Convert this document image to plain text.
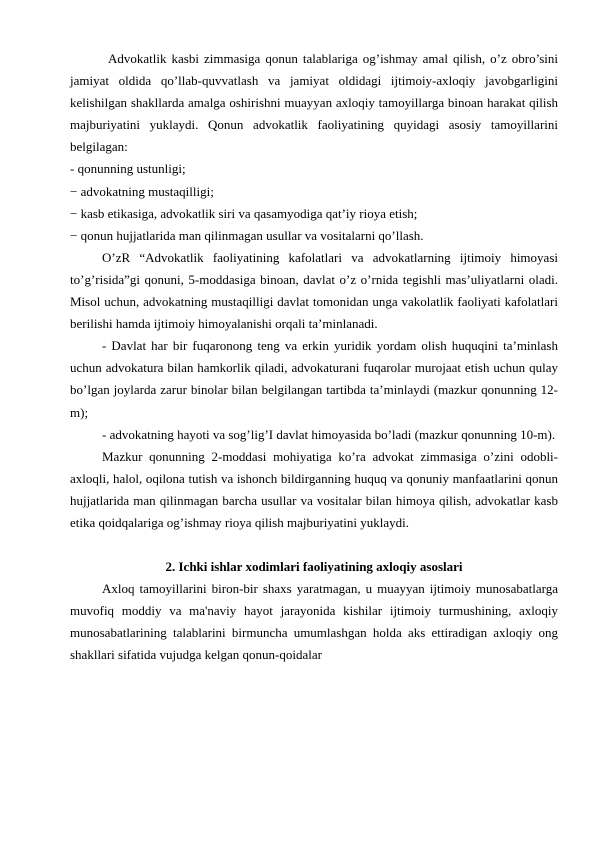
Advokatlik kasbi zimmasiga qonun talablariga og’ishmay amal qilish, o’z obro’sini jamiyat oldida qo’llab-quvvatlash va jamiyat oldidagi ijtimoiy-axloqiy javobgarligini kelishilgan shakllarda amalga oshirishni muayyan axloqiy tamoyillarga binoan harakat qilish majburiyatini yuklaydi. Qonun advokatlik faoliyatining quyidagi asosiy tamoyillarini belgilagan:

- qonunning ustunligi;

− advokatning mustaqilligi;

− kasb etikasiga, advokatlik siri va qasamyodiga qat’iy rioya etish;

− qonun hujjatlarida man qilinmagan usullar va vositalarni qo’llash.

O’zR “Advokatlik faoliyatining kafolatlari va advokatlarning ijtimoiy himoyasi to’g’risida”gi qonuni, 5-moddasiga binoan, davlat o’z o’rnida tegishli mas’uliyatlarni oladi. Misol uchun, advokatning mustaqilligi davlat tomonidan unga vakolatlik faoliyati kafolatlari berilishi hamda ijtimoiy himoyalanishi orqali ta’minlanadi.

- Davlat har bir fuqaronong teng va erkin yuridik yordam olish huquqini ta’minlash uchun advokatura bilan hamkorlik qiladi, advokaturani fuqarolar murojaat etish uchun qulay bo’lgan joylarda zarur binolar bilan belgilangan tartibda ta’minlaydi (mazkur qonunning 12-m);

- advokatning hayoti va sog’lig’I davlat himoyasida bo’ladi (mazkur qonunning 10-m).

Mazkur qonunning 2-moddasi mohiyatiga ko’ra advokat zimmasiga o’zini odobli-axloqli, halol, oqilona tutish va ishonch bildirganning huquq va qonuniy manfaatlarini qonun hujjatlarida man qilinmagan barcha usullar va vositalar bilan himoya qilish, advokatlar kasb etika qoidqalariga og’ishmay rioya qilish majburiyatini yuklaydi.

2. Ichki ishlar xodimlari faoliyatining axloqiy asoslari

Axloq tamoyillarini biron-bir shaxs yaratmagan, u muayyan ijtimoiy munosabatlarga muvofiq moddiy va ma'naviy hayot jarayonida kishilar ijtimoiy turmushining, axloqiy munosabatlarining talablarini birmuncha umumlashgan holda aks ettiradigan axloqiy ong shakllari sifatida vujudga kelgan qonun-qoidalar
